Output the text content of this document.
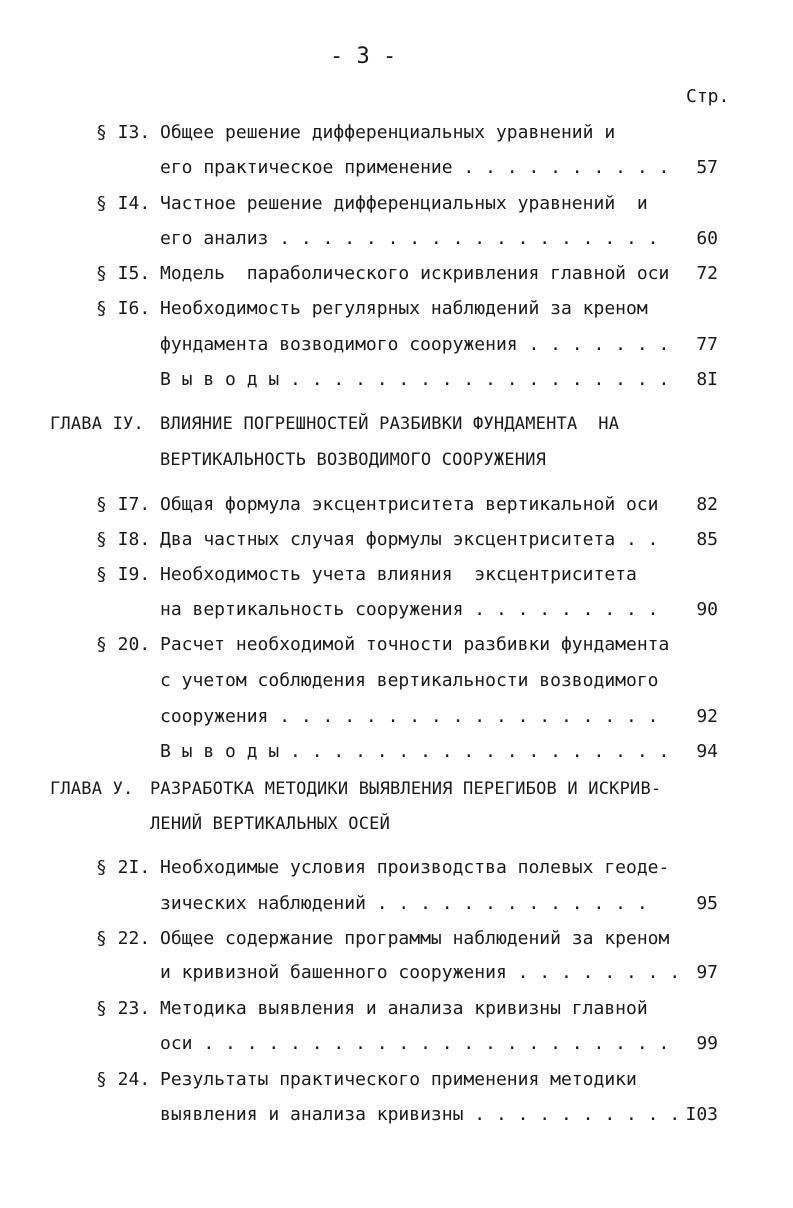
- 3 -
Стр.
§ I3. Общее решение дифференциальных уравнений и
его практическое применение . . . . . . . . . .	57
§ I4. Частное решение дифференциальных уравнений  и
его анализ . . . . . . . . . . . . . . . . . .	60
§ I5. Модель  параболического искривления главной оси	72
§ I6. Необходимость регулярных наблюдений за креном
фундамента возводимого сооружения . . . . . . .	77
В ы в о д ы . . . . . . . . . . . . . . . . . .	8I
ГЛАВА IУ. ВЛИЯНИЕ ПОГРЕШНОСТЕЙ РАЗБИВКИ ФУНДАМЕНТА  НА
ВЕРТИКАЛЬНОСТЬ ВОЗВОДИМОГО СООРУЖЕНИЯ
§ I7. Общая формула эксцентриситета вертикальной оси	82
§ I8. Два частных случая формулы эксцентриситета . .	85
§ I9. Необходимость учета влияния  эксцентриситета
на вертикальность сооружения . . . . . . . . .	90
§ 20. Расчет необходимой точности разбивки фундамента
с учетом соблюдения вертикальности возводимого
сооружения . . . . . . . . . . . . . . . . . .	92
В ы в о д ы . . . . . . . . . . . . . . . . . .	94
ГЛАВА У. РАЗРАБОТКА МЕТОДИКИ ВЫЯВЛЕНИЯ ПЕРЕГИБОВ И ИСКРИВ-
ЛЕНИЙ ВЕРТИКАЛЬНЫХ ОСЕЙ
§ 2I. Необходимые условия производства полевых геоде-
зических наблюдений . . . . . . . . . . . . .	95
§ 22. Общее содержание программы наблюдений за креном
и кривизной башенного сооружения . . . . . . . . 97
§ 23. Методика выявления и анализа кривизны главной
оси . . . . . . . . . . . . . . . . . . . . . .	99
§ 24. Результаты практического применения методики
выявления и анализа кривизны . . . . . . . . . . I03
